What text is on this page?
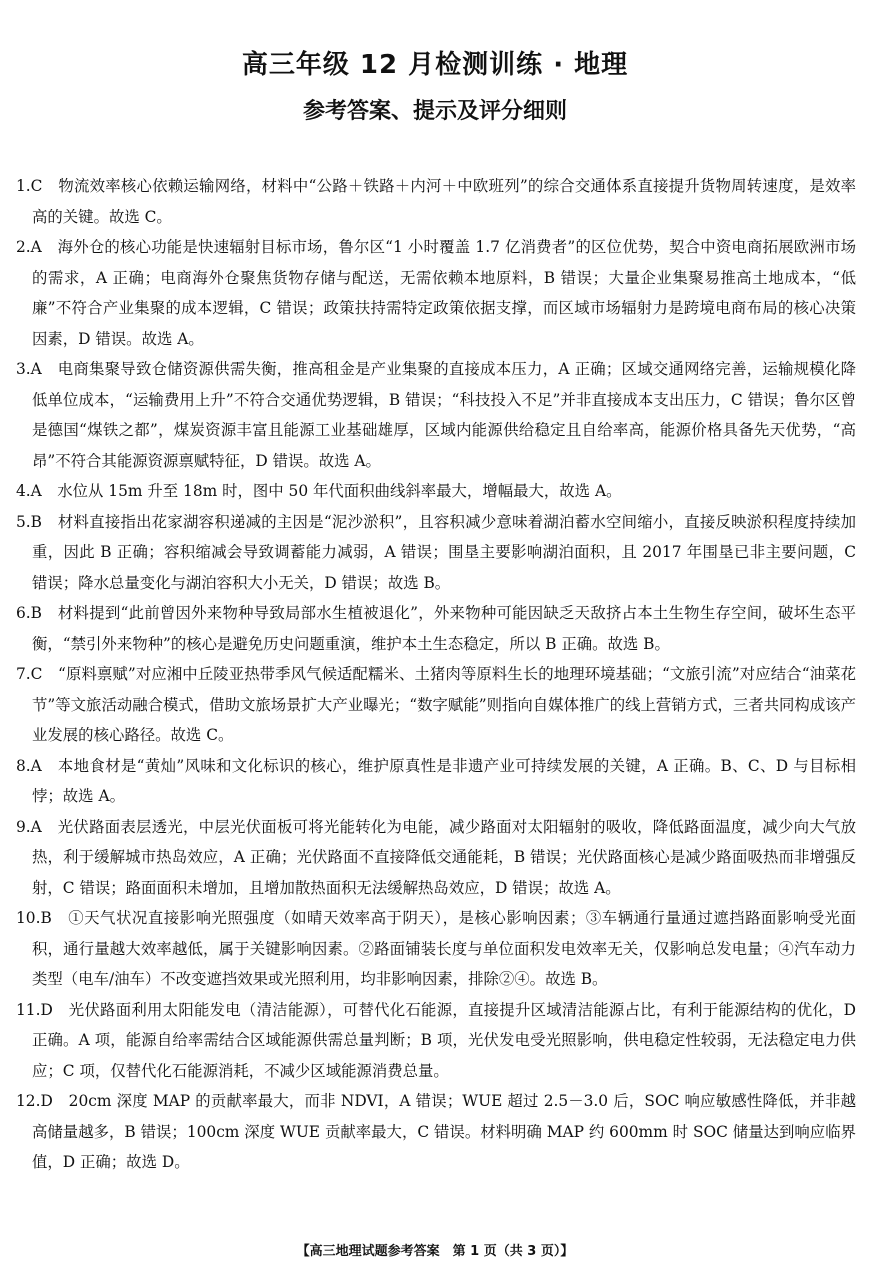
高三年级 12 月检测训练 · 地理
参考答案、提示及评分细则

1.C　 物流效率核心依赖运输网络，材料中“公路＋铁路＋内河＋中欧班列”的综合交通体系直接提升货物周转速度，是效率高的关键。故选 C。

2.A　 海外仓的核心功能是快速辐射目标市场，鲁尔区“1 小时覆盖 1.7 亿消费者”的区位优势，契合中资电商拓展欧洲市场的需求，A 正确；电商海外仓聚焦货物存储与配送，无需依赖本地原料，B 错误；大量企业集聚易推高土地成本，“低廉”不符合产业集聚的成本逻辑，C 错误；政策扶持需特定政策依据支撑，而区域市场辐射力是跨境电商布局的核心决策因素，D 错误。故选 A。

3.A　 电商集聚导致仓储资源供需失衡，推高租金是产业集聚的直接成本压力，A 正确；区域交通网络完善，运输规模化降低单位成本，“运输费用上升”不符合交通优势逻辑，B 错误；“科技投入不足”并非直接成本支出压力，C 错误；鲁尔区曾是德国“煤铁之都”，煤炭资源丰富且能源工业基础雄厚，区域内能源供给稳定且自给率高，能源价格具备先天优势，“高昂”不符合其能源资源禀赋特征，D 错误。故选 A。

4.A　 水位从 15m 升至 18m 时，图中 50 年代面积曲线斜率最大，增幅最大，故选 A。

5.B　 材料直接指出花家湖容积递减的主因是“泥沙淤积”，且容积减少意味着湖泊蓄水空间缩小，直接反映淤积程度持续加重，因此 B 正确；容积缩减会导致调蓄能力减弱，A 错误；围垦主要影响湖泊面积，且 2017 年围垦已非主要问题，C 错误；降水总量变化与湖泊容积大小无关，D 错误；故选 B。

6.B　 材料提到“此前曾因外来物种导致局部水生植被退化”，外来物种可能因缺乏天敌挤占本土生物生存空间，破坏生态平衡，“禁引外来物种”的核心是避免历史问题重演，维护本土生态稳定，所以 B 正确。故选 B。

7.C　 “原料禀赋”对应湘中丘陵亚热带季风气候适配糯米、土猪肉等原料生长的地理环境基础；“文旅引流”对应结合“油菜花节”等文旅活动融合模式，借助文旅场景扩大产业曝光；“数字赋能”则指向自媒体推广的线上营销方式，三者共同构成该产业发展的核心路径。故选 C。

8.A　 本地食材是“黄灿”风味和文化标识的核心，维护原真性是非遗产业可持续发展的关键，A 正确。B、C、D 与目标相悖；故选 A。

9.A　 光伏路面表层透光，中层光伏面板可将光能转化为电能，减少路面对太阳辐射的吸收，降低路面温度，减少向大气放热，利于缓解城市热岛效应，A 正确；光伏路面不直接降低交通能耗，B 错误；光伏路面核心是减少路面吸热而非增强反射，C 错误；路面面积未增加，且增加散热面积无法缓解热岛效应，D 错误；故选 A。

10.B　 ①天气状况直接影响光照强度（如晴天效率高于阴天），是核心影响因素；③车辆通行量通过遮挡路面影响受光面积，通行量越大效率越低，属于关键影响因素。②路面铺装长度与单位面积发电效率无关，仅影响总发电量；④汽车动力类型（电车/油车）不改变遮挡效果或光照利用，均非影响因素，排除②④。故选 B。

11.D　 光伏路面利用太阳能发电（清洁能源），可替代化石能源，直接提升区域清洁能源占比，有利于能源结构的优化，D 正确。A 项，能源自给率需结合区域能源供需总量判断；B 项，光伏发电受光照影响，供电稳定性较弱，无法稳定电力供应；C 项，仅替代化石能源消耗，不减少区域能源消费总量。

12.D　 20cm 深度 MAP 的贡献率最大，而非 NDVI，A 错误；WUE 超过 2.5－3.0 后，SOC 响应敏感性降低，并非越高储量越多，B 错误；100cm 深度 WUE 贡献率最大，C 错误。材料明确 MAP 约 600mm 时 SOC 储量达到响应临界值，D 正确；故选 D。

【高三地理试题参考答案　第 1 页（共 3 页）】
